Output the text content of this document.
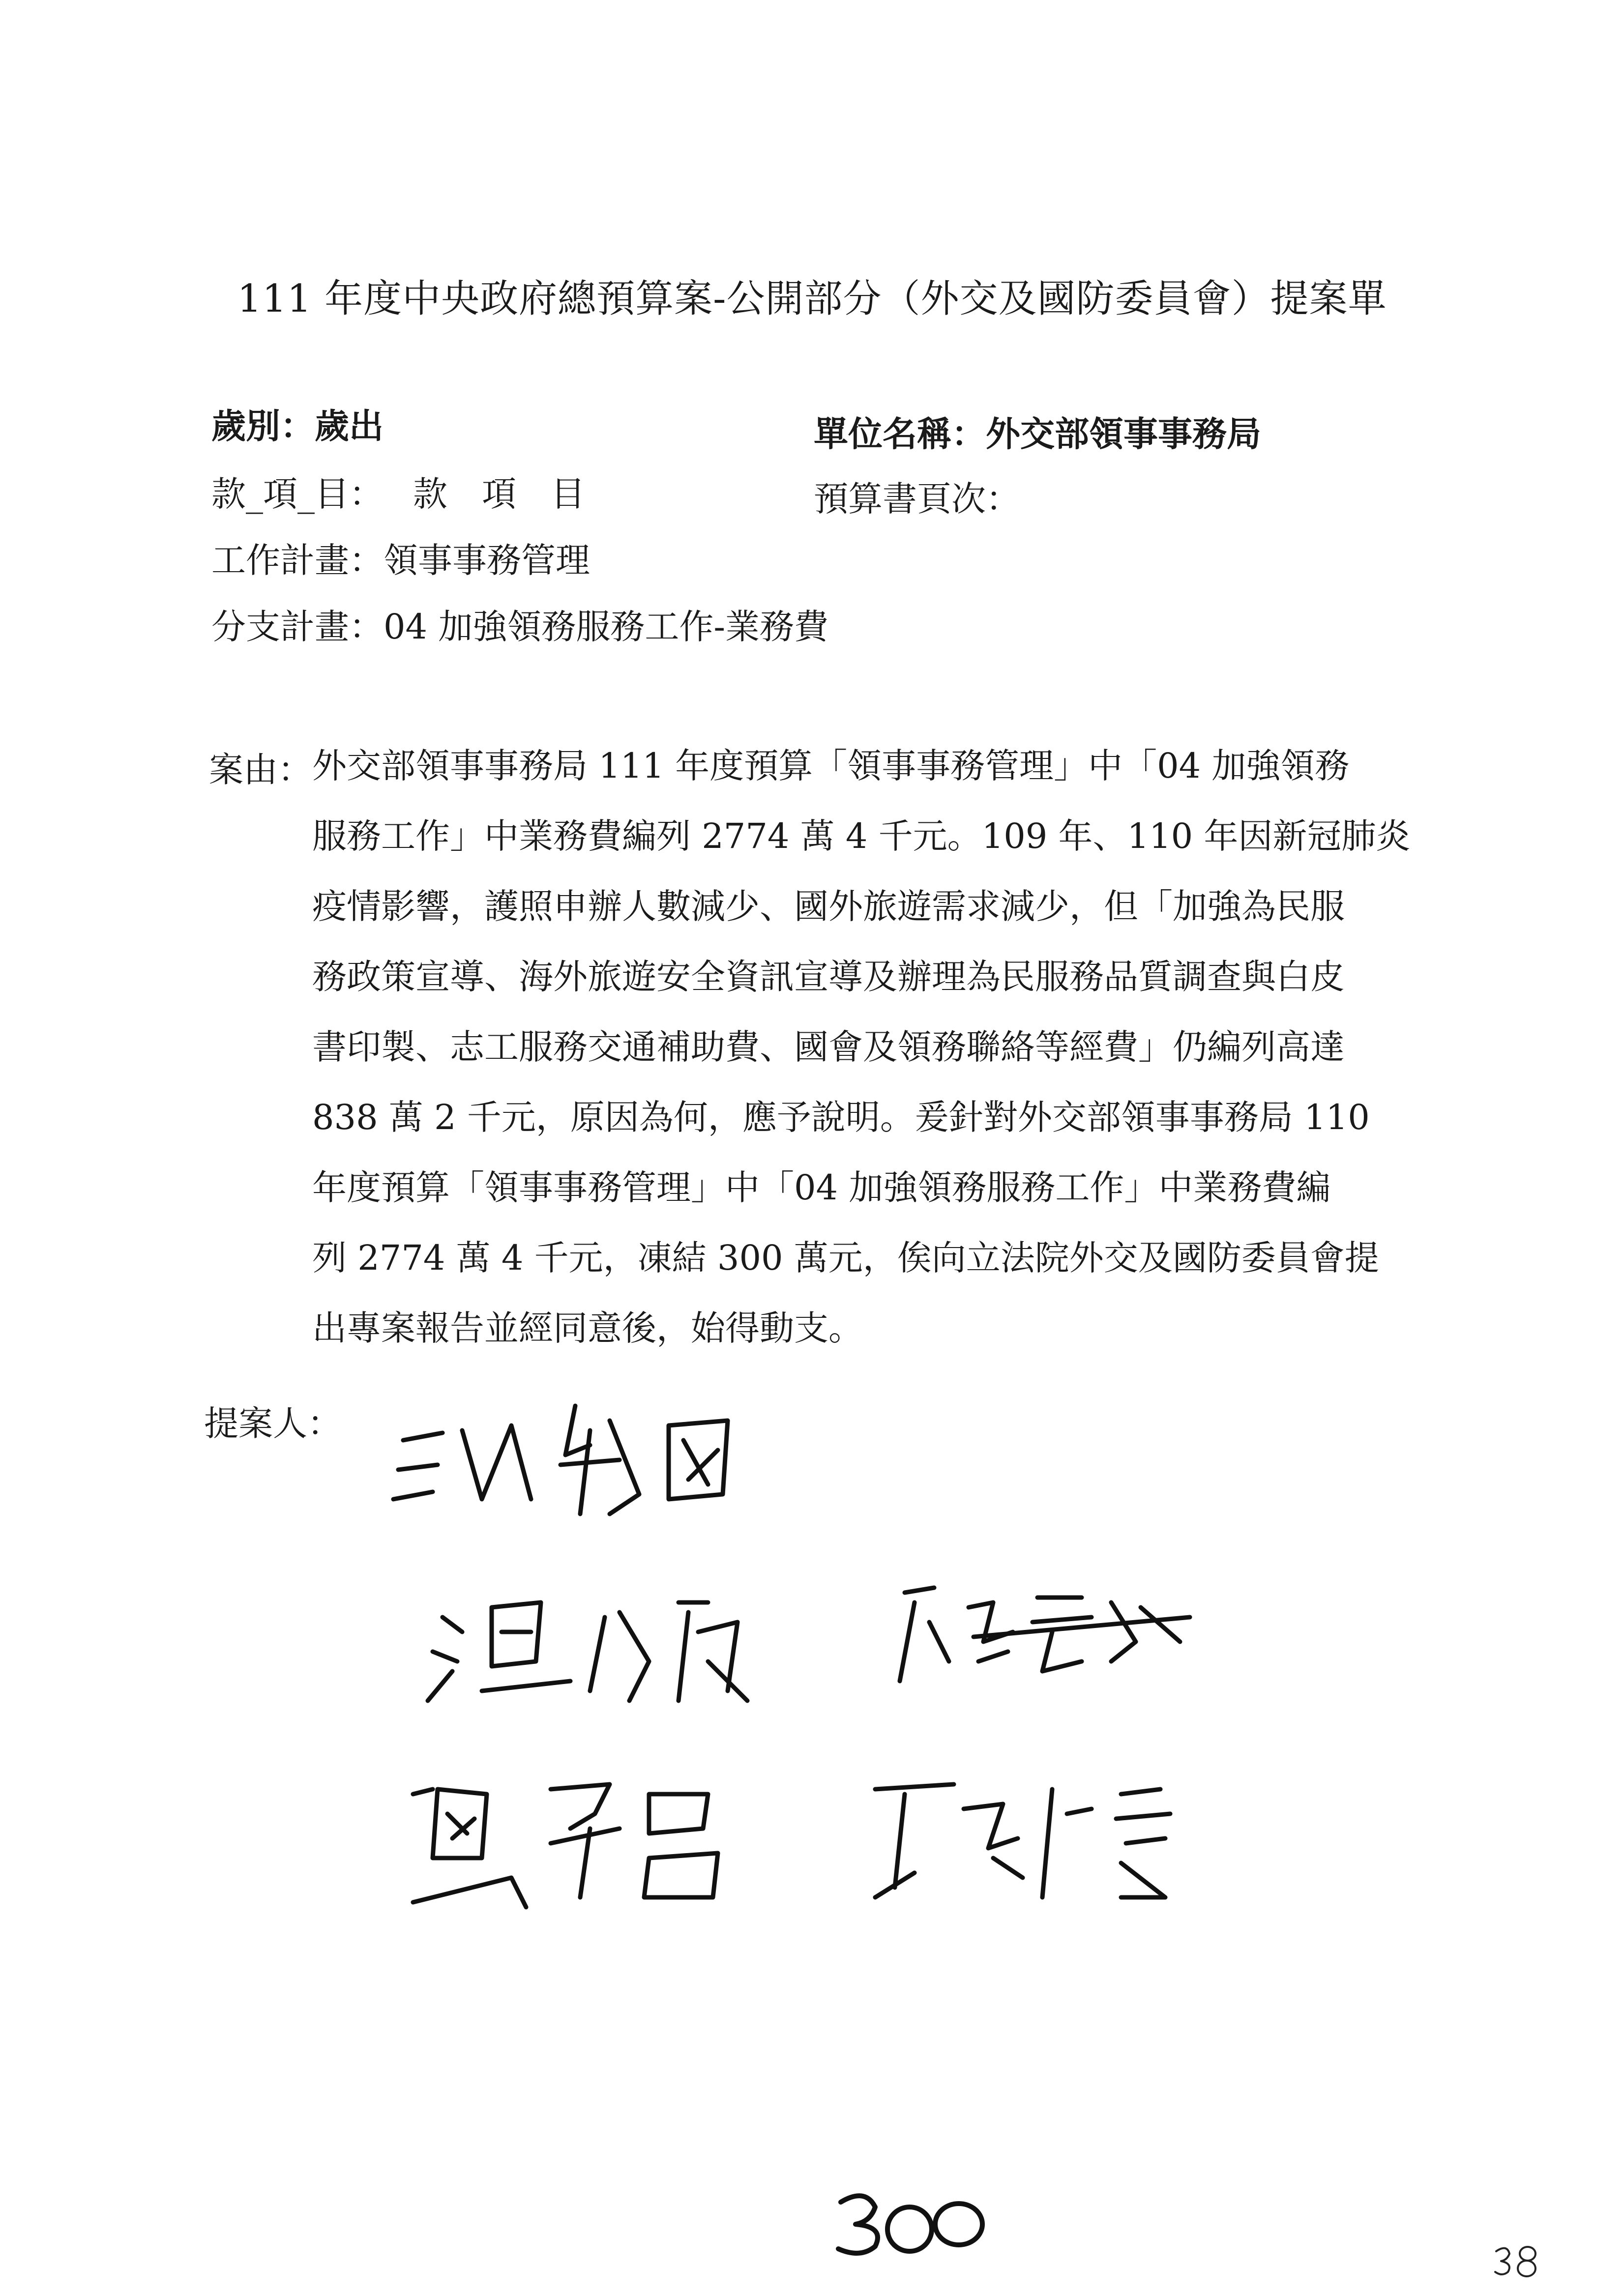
111 年度中央政府總預算案-公開部分（外交及國防委員會）提案單
歲別：歲出	單位名稱：外交部領事事務局
款_項_目： 款　項　目	預算書頁次：
工作計畫：領事事務管理
分支計畫：04 加強領務服務工作-業務費
案由： 外交部領事事務局 111 年度預算「領事事務管理」中「04 加強領務
服務工作」中業務費編列 2774 萬 4 千元。109 年、110 年因新冠肺炎
疫情影響，護照申辦人數減少、國外旅遊需求減少，但「加強為民服
務政策宣導、海外旅遊安全資訊宣導及辦理為民服務品質調查與白皮
書印製、志工服務交通補助費、國會及領務聯絡等經費」仍編列高達
838 萬 2 千元，原因為何，應予說明。爰針對外交部領事事務局 110
年度預算「領事事務管理」中「04 加強領務服務工作」中業務費編
列 2774 萬 4 千元，凍結 300 萬元，俟向立法院外交及國防委員會提
出專案報告並經同意後，始得動支。
提案人：
